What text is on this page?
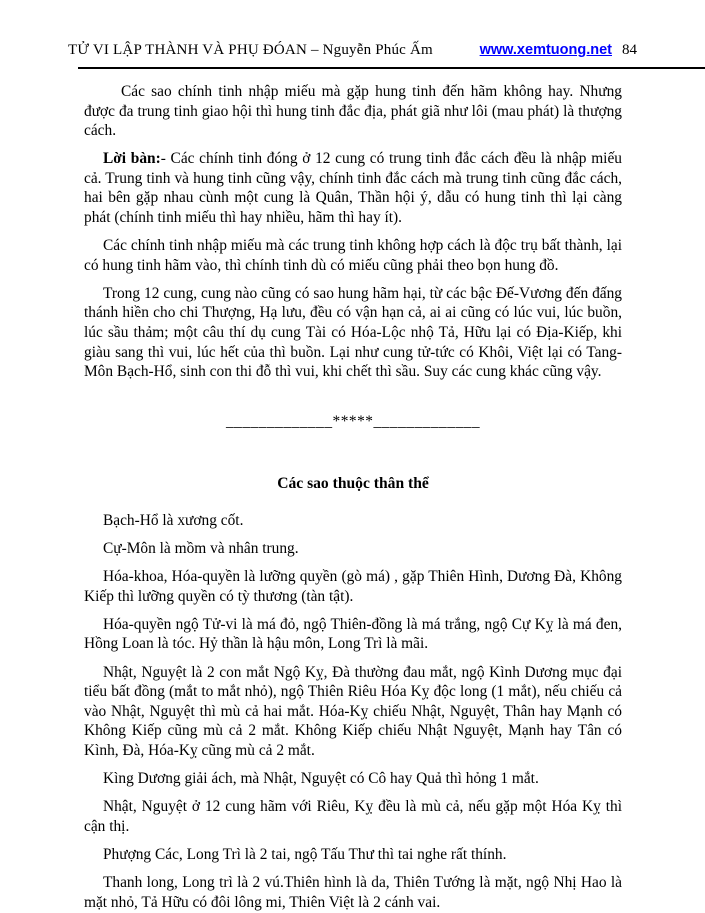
TỬ VI LẬP THÀNH VÀ PHỤ ĐÓAN – Nguyễn Phúc Ấm	www.xemtuong.net 84

Các sao chính tinh nhập miếu mà gặp hung tinh đến hãm không hay. Nhưng được đa trung tinh giao hội thì hung tinh đắc địa, phát giã như lôi (mau phát) là thượng cách.

Lời bàn:- Các chính tinh đóng ở 12 cung có trung tinh đắc cách đều là nhập miếu cả. Trung tinh và hung tinh cũng vậy, chính tinh đắc cách mà trung tinh cũng đắc cách, hai bên gặp nhau cùnh một cung là Quân, Thần hội ý, dẫu có hung tinh thì lại càng phát (chính tinh miếu thì hay nhiều, hãm thì hay ít).

Các chính tinh nhập miếu mà các trung tinh không hợp cách là độc trụ bất thành, lại có hung tinh hãm vào, thì chính tinh dù có miếu cũng phải theo bọn hung đồ.

Trong 12 cung, cung nào cũng có sao hung hãm hại, từ các bậc Đế-Vương đến đấng thánh hiền cho chi Thượng, Hạ lưu, đều có vận hạn cả, ai ai cũng có lúc vui, lúc buồn, lúc sầu thảm; một câu thí dụ cung Tài có Hóa-Lộc nhộ Tả, Hữu lại có Địa-Kiếp, khi giàu sang thì vui, lúc hết của thì buồn. Lại như cung tử-tức có Khôi, Việt lại có Tang-Môn Bạch-Hổ, sinh con thi đỗ thì vui, khi chết thì sầu. Suy các cung khác cũng vậy.

_____________*****_____________
Các sao thuộc thân thể

Bạch-Hổ là xương cốt.

Cự-Môn là mồm và nhân trung.

Hóa-khoa, Hóa-quyền là lưỡng quyền (gò má) , gặp Thiên Hình, Dương Đà, Không Kiếp thì lưỡng quyền có tỳ thương (tàn tật).

Hóa-quyền ngộ Tử-vi là má đỏ, ngộ Thiên-đồng là má trắng, ngộ Cự Kỵ là má đen, Hồng Loan là tóc. Hỷ thần là hậu môn, Long Trì là mãi.

Nhật, Nguyệt là 2 con mắt Ngộ Kỵ, Đà thường đau mắt, ngộ Kình Dương mục đại tiểu bất đồng (mắt to mắt nhỏ), ngộ Thiên Riêu Hóa Kỵ độc long (1 mắt), nếu chiếu cả vào Nhật, Nguyệt thì mù cả hai mắt. Hóa-Kỵ chiếu Nhật, Nguyệt, Thân hay Mạnh có Không Kiếp cũng mù cả 2 mắt. Không Kiếp chiếu Nhật Nguyệt, Mạnh hay Tân có Kình, Đà, Hóa-Kỵ cũng mù cả 2 mắt.

Kìng Dương giải ách, mà Nhật, Nguyệt có Cô hay Quả thì hỏng 1 mắt.

Nhật, Nguyệt ở 12 cung hãm với Riêu, Kỵ đều là mù cả, nếu gặp một Hóa Kỵ thì cận thị.

Phượng Các, Long Trì là 2 tai, ngộ Tấu Thư thì tai nghe rất thính.

Thanh long, Long trì là 2 vú.Thiên hình là da, Thiên Tướng là mặt, ngộ Nhị Hao là mặt nhỏ, Tả Hữu có đôi lông mi, Thiên Việt là 2 cánh vai.
